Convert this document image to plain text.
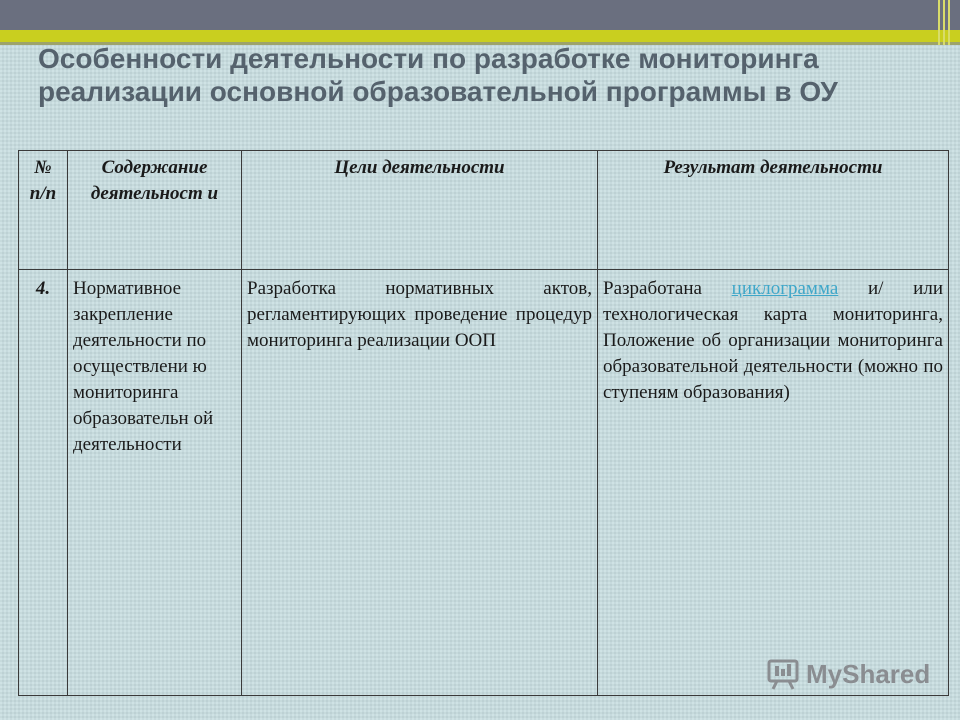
Особенности деятельности по разработке мониторинга реализации основной образовательной программы в ОУ
№ п/п	Содержание деятельност и	Цели деятельности	Результат деятельности
4.	Нормативное закрепление деятельности по осуществлени ю мониторинга образовательн ой деятельности	Разработка нормативных актов, регламентирующих проведение процедур мониторинга реализации ООП	Разработана циклограмма и/ или технологическая карта мониторинга, Положение об организации мониторинга образовательной деятельности (можно по ступеням образования)
MyShared
